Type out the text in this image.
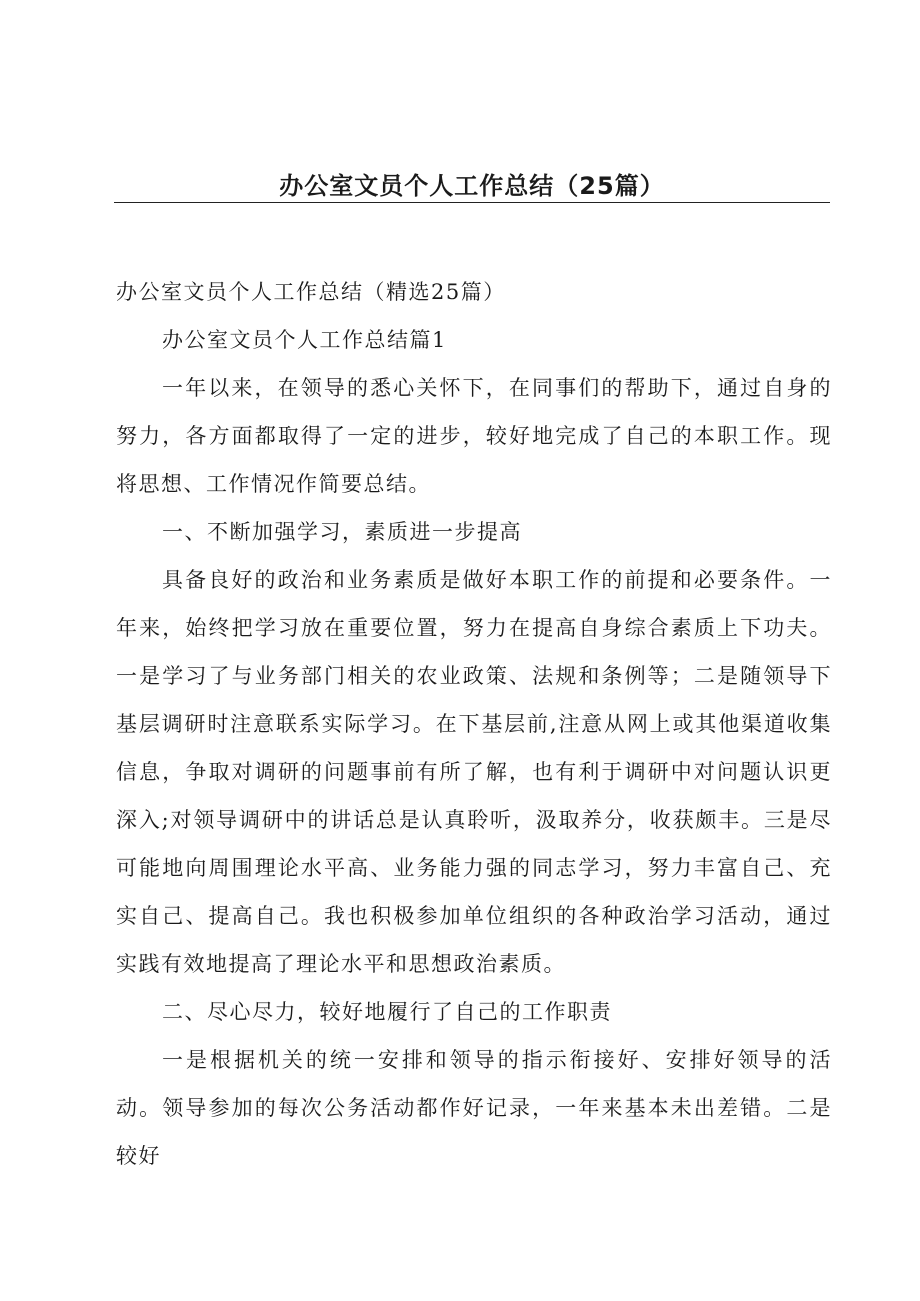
办公室文员个人工作总结（25篇）

办公室文员个人工作总结（精选25篇）

办公室文员个人工作总结篇1

一年以来，在领导的悉心关怀下，在同事们的帮助下，通过自身的努力，各方面都取得了一定的进步，较好地完成了自己的本职工作。现将思想、工作情况作简要总结。

一、不断加强学习，素质进一步提高

具备良好的政治和业务素质是做好本职工作的前提和必要条件。一年来，始终把学习放在重要位置，努力在提高自身综合素质上下功夫。一是学习了与业务部门相关的农业政策、法规和条例等；二是随领导下基层调研时注意联系实际学习。在下基层前,注意从网上或其他渠道收集信息，争取对调研的问题事前有所了解，也有利于调研中对问题认识更深入;对领导调研中的讲话总是认真聆听，汲取养分，收获颇丰。三是尽可能地向周围理论水平高、业务能力强的同志学习，努力丰富自己、充实自己、提高自己。我也积极参加单位组织的各种政治学习活动，通过实践有效地提高了理论水平和思想政治素质。

二、尽心尽力，较好地履行了自己的工作职责

一是根据机关的统一安排和领导的指示衔接好、安排好领导的活动。领导参加的每次公务活动都作好记录，一年来基本未出差错。二是较好
